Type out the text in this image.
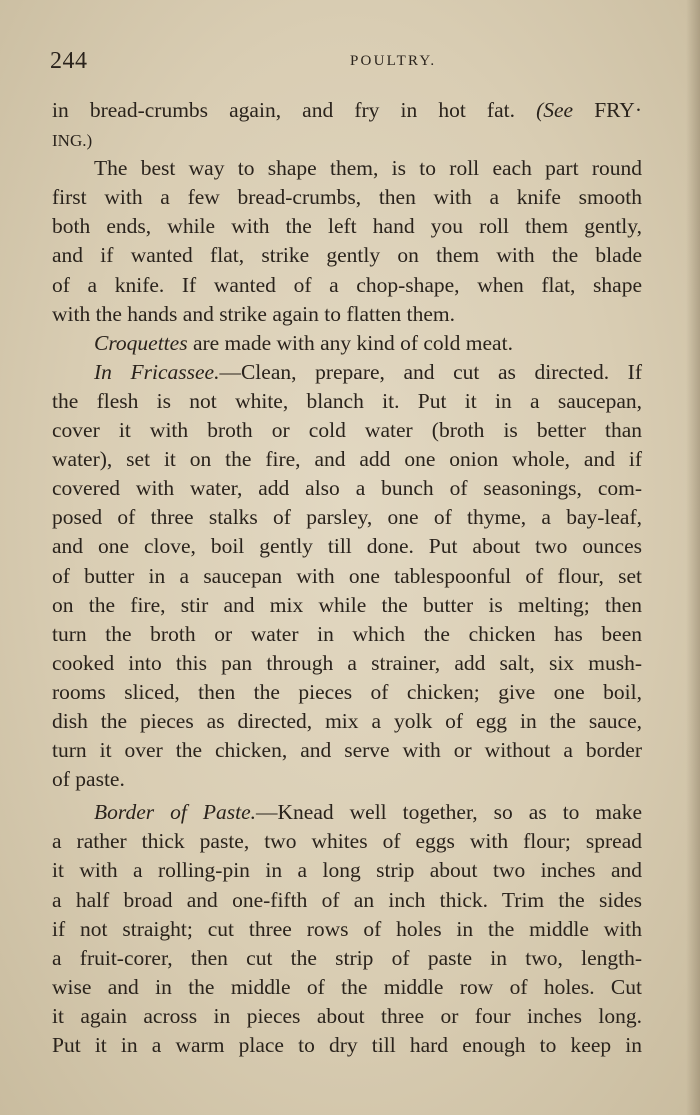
244	POULTRY.
in bread-crumbs again, and fry in hot fat. (See FRY·
ING.)
The best way to shape them, is to roll each part round
first with a few bread-crumbs, then with a knife smooth
both ends, while with the left hand you roll them gently,
and if wanted flat, strike gently on them with the blade
of a knife. If wanted of a chop-shape, when flat, shape
with the hands and strike again to flatten them.
Croquettes are made with any kind of cold meat.
In Fricassee.—Clean, prepare, and cut as directed. If
the flesh is not white, blanch it. Put it in a saucepan,
cover it with broth or cold water (broth is better than
water), set it on the fire, and add one onion whole, and if
covered with water, add also a bunch of seasonings, com-
posed of three stalks of parsley, one of thyme, a bay-leaf,
and one clove, boil gently till done. Put about two ounces
of butter in a saucepan with one tablespoonful of flour, set
on the fire, stir and mix while the butter is melting; then
turn the broth or water in which the chicken has been
cooked into this pan through a strainer, add salt, six mush-
rooms sliced, then the pieces of chicken; give one boil,
dish the pieces as directed, mix a yolk of egg in the sauce,
turn it over the chicken, and serve with or without a border
of paste.
Border of Paste.—Knead well together, so as to make
a rather thick paste, two whites of eggs with flour; spread
it with a rolling-pin in a long strip about two inches and
a half broad and one-fifth of an inch thick. Trim the sides
if not straight; cut three rows of holes in the middle with
a fruit-corer, then cut the strip of paste in two, length-
wise and in the middle of the middle row of holes. Cut
it again across in pieces about three or four inches long.
Put it in a warm place to dry till hard enough to keep in
